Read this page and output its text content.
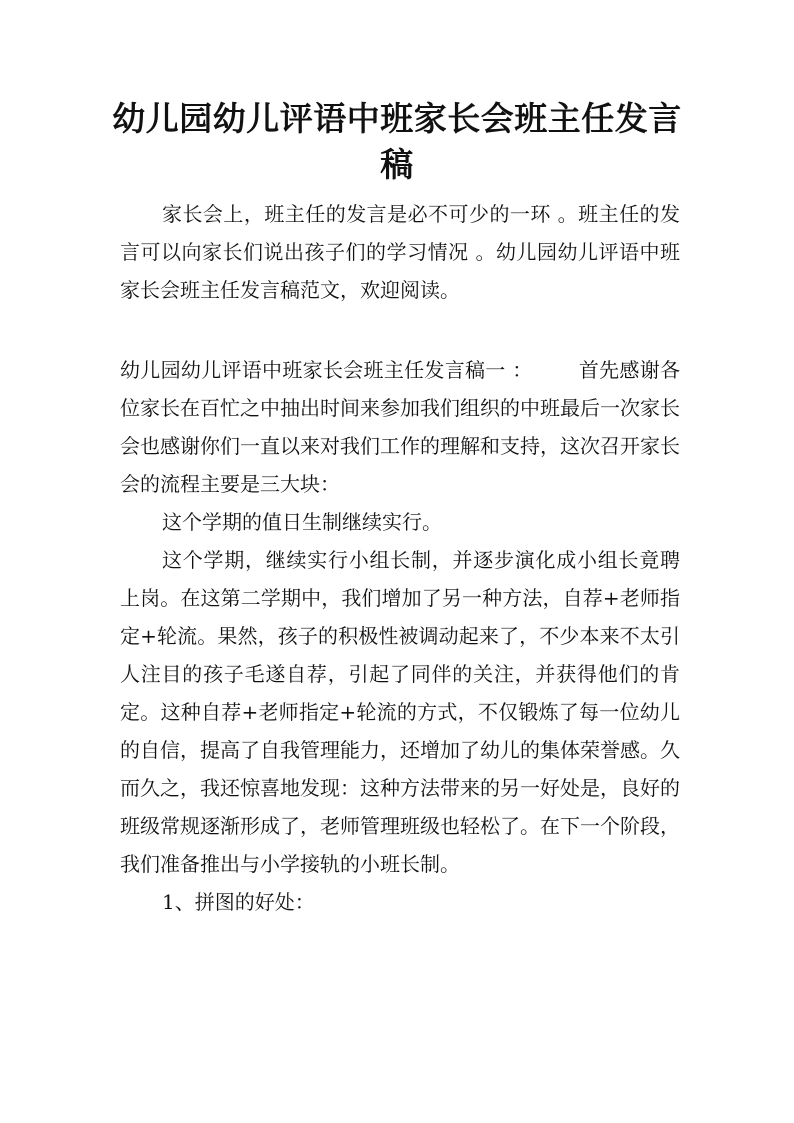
幼儿园幼儿评语中班家长会班主任发言
稿

家长会上，班主任的发言是必不可少的一环 。班主任的发言可以向家长们说出孩子们的学习情况 。幼儿园幼儿评语中班家长会班主任发言稿范文，欢迎阅读。

幼儿园幼儿评语中班家长会班主任发言稿一 ： 首先感谢各位家长在百忙之中抽出时间来参加我们组织的中班最后一次家长会也感谢你们一直以来对我们工作的理解和支持，这次召开家长会的流程主要是三大块：

这个学期的值日生制继续实行。

这个学期，继续实行小组长制，并逐步演化成小组长竟聘上岗。在这第二学期中，我们增加了另一种方法，自荐+老师指定+轮流。果然，孩子的积极性被调动起来了，不少本来不太引人注目的孩子毛遂自荐，引起了同伴的关注，并获得他们的肯定。这种自荐+老师指定+轮流的方式，不仅锻炼了每一位幼儿的自信，提高了自我管理能力，还增加了幼儿的集体荣誉感。久而久之，我还惊喜地发现：这种方法带来的另一好处是，良好的班级常规逐渐形成了，老师管理班级也轻松了。在下一个阶段，我们准备推出与小学接轨的小班长制。

1、拼图的好处：
